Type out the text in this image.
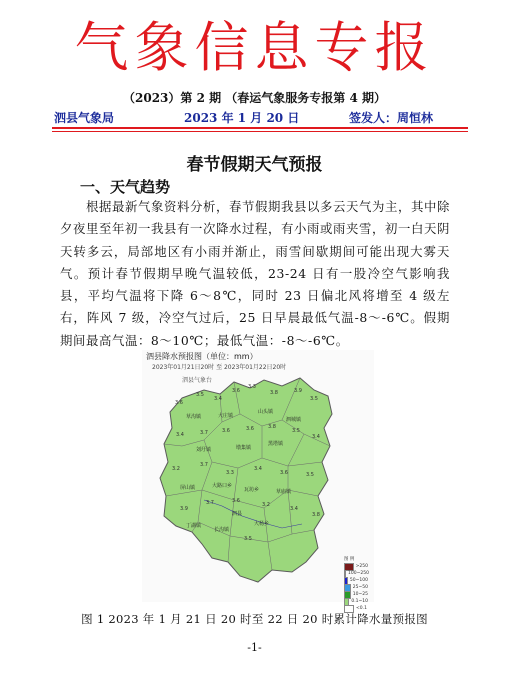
气象信息专报
（2023）第 2 期 （春运气象服务专报第 4 期）
泗县气象局	2023 年 1 月 20 日	签发人：周恒林
春节假期天气预报
一、天气趋势
根据最新气象资料分析，春节假期我县以多云天气为主，其中除夕夜里至年初一我县有一次降水过程，有小雨或雨夹雪，初一白天阴天转多云，局部地区有小雨并渐止，雨雪间歇期间可能出现大雾天气。预计春节假期早晚气温较低，23-24 日有一股冷空气影响我县，平均气温将下降 6～8℃，同时 23 日偏北风将增至 4 级左右，阵风 7 级，冷空气过后，25 日早晨最低气温-8～-6℃。假期期间最高气温：8～10℃；最低气温：-8～-6℃。
泗县降水预报图（单位：mm）
2023年01月21日20时 至 2023年01月22日20时
泗县气象台
3.6
3.5
3.4
3.6
3.3
3.8	3.9
3.5
3.4	3.7	3.6	3.6	3.8
3.5
3.4
3.2
3.7
3.3
3.4
3.6	3.5
3.9
3.7	3.6
3.2
3.4
3.8
3.5
草沟镇	大庄镇
山头镇
泗城镇
刘圩镇	墩集镇
黑塔镇
屏山镇	大路口乡
瓦坊乡	草庙镇
丁湖镇
长沟镇
大杨乡
泗县
图 例
>250
100~250
50~100
25~50
10~25
0.1~10
<0.1
图 1 2023 年 1 月 21 日 20 时至 22 日 20 时累计降水量预报图
-1-
